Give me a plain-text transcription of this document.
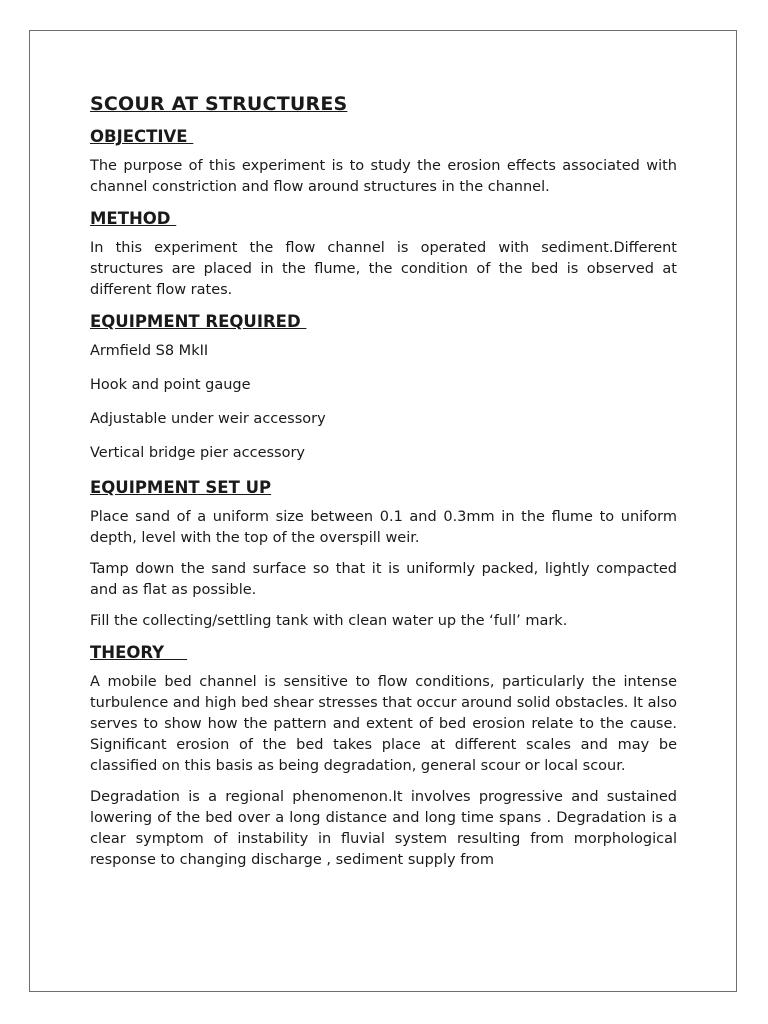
SCOUR AT STRUCTURES
OBJECTIVE

The purpose of this experiment is to study the erosion effects associated with channel constriction and flow around structures in the channel.

METHOD

In this experiment the flow channel is operated with sediment.Different structures are placed in the flume, the condition of the bed is observed at different flow rates.

EQUIPMENT REQUIRED

Armfield S8 MkII

Hook and point gauge

Adjustable under weir accessory

Vertical bridge pier accessory

EQUIPMENT SET UP

Place sand of a uniform size between 0.1 and 0.3mm in the flume to uniform depth, level with the top of the overspill weir.

Tamp down the sand surface so that it is uniformly packed, lightly compacted and as flat as possible.

Fill the collecting/settling tank with clean water up the ‘full’ mark.

THEORY

A mobile bed channel is sensitive to flow conditions, particularly the intense turbulence and high bed shear stresses that occur around solid obstacles. It also serves to show how the pattern and extent of bed erosion relate to the cause. Significant erosion of the bed takes place at different scales and may be classified on this basis as being degradation, general scour or local scour.

Degradation is a regional phenomenon.It involves progressive and sustained lowering of the bed over a long distance and long time spans . Degradation is a clear symptom of instability in fluvial system resulting from morphological response to changing discharge , sediment supply from
